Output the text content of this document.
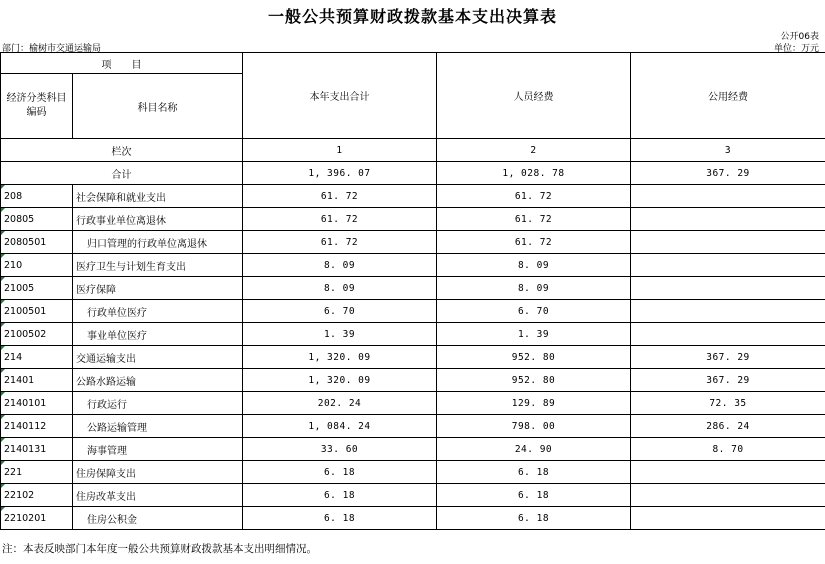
一般公共预算财政拨款基本支出决算表
公开06表
部门：榆树市交通运输局	单位：万元
项　　目		本年支出合计	人员经费	公用经费
经济分类科目编码	科目名称			
栏次		1	2	3
合计		1, 396. 07	1, 028. 78	367. 29
208	社会保障和就业支出	61. 72	61. 72	
20805	行政事业单位离退休	61. 72	61. 72	
2080501	归口管理的行政单位离退休	61. 72	61. 72	
210	医疗卫生与计划生育支出	8. 09	8. 09	
21005	医疗保障	8. 09	8. 09	
2100501	行政单位医疗	6. 70	6. 70	
2100502	事业单位医疗	1. 39	1. 39	
214	交通运输支出	1, 320. 09	952. 80	367. 29
21401	公路水路运输	1, 320. 09	952. 80	367. 29
2140101	行政运行	202. 24	129. 89	72. 35
2140112	公路运输管理	1, 084. 24	798. 00	286. 24
2140131	海事管理	33. 60	24. 90	8. 70
221	住房保障支出	6. 18	6. 18	
22102	住房改革支出	6. 18	6. 18	
2210201	住房公积金	6. 18	6. 18	
注：本表反映部门本年度一般公共预算财政拨款基本支出明细情况。
